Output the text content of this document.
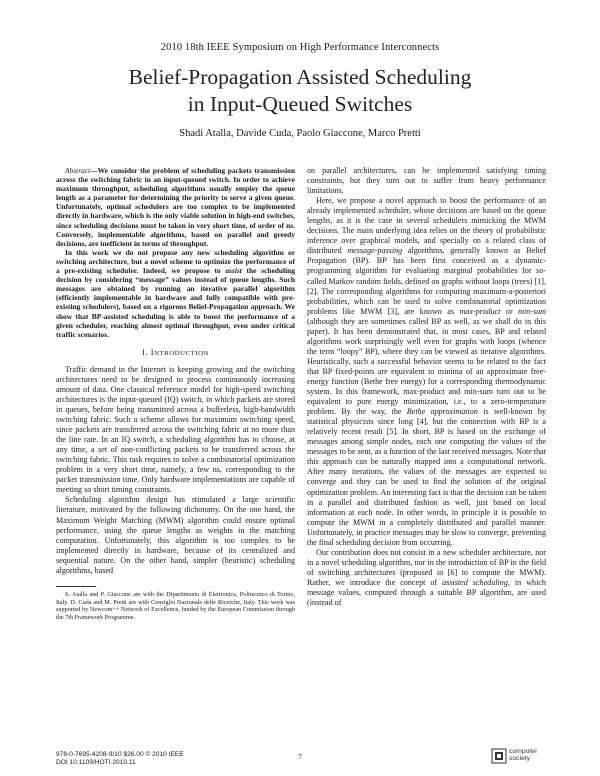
2010 18th IEEE Symposium on High Performance Interconnects
Belief-Propagation Assisted Scheduling
in Input-Queued Switches
Shadi Atalla, Davide Cuda, Paolo Giaccone, Marco Pretti

Abstract—We consider the problem of scheduling packets transmission across the switching fabric in an input-queued switch. In order to achieve maximum throughput, scheduling algorithms usually employ the queue length as a parameter for determining the priority to serve a given queue. Unfortunately, optimal schedulers are too complex to be implemented directly in hardware, which is the only viable solution in high-end switches, since scheduling decisions must be taken in very short time, of order of ns. Conversely, implementable algorithms, based on parallel and greedy decisions, are inefficient in terms of throughput.

In this work we do not propose any new scheduling algorithm or switching architecture, but a novel scheme to optimize the performance of a pre-existing scheduler. Indeed, we propose to assist the scheduling decision by considering “message” values instead of queue lengths. Such messages are obtained by running an iterative parallel algorithm (efficiently implementable in hardware and fully compatible with pre-existing schedulers), based on a rigorous Belief-Propagation approach. We show that BP-assisted scheduling is able to boost the performance of a given scheduler, reaching almost optimal throughput, even under critical traffic scenarios.

I. INTRODUCTION

Traffic demand in the Internet is keeping growing and the switching architectures need to be designed to process continuously increasing amount of data. One classical reference model for high-speed switching architectures is the input-queued (IQ) switch, in which packets are stored in queues, before being transmitted across a bufferless, high-bandwidth switching fabric. Such a scheme allows for maximum switching speed, since packets are transferred across the switching fabric at no more than the line rate. In an IQ switch, a scheduling algorithm has to choose, at any time, a set of non-conflicting packets to be transferred across the switching fabric. This task requires to solve a combinatorial optimization problem in a very short time, namely, a few ns, corresponding to the packet transmission time. Only hardware implementations are capable of meeting so short timing constraints.

Scheduling algorithm design has stimulated a large scientific literature, motivated by the following dichotomy. On the one hand, the Maximum Weight Matching (MWM) algorithm could ensure optimal performance, using the queue lengths as weights in the matching computation. Unfortunately, this algorithm is too complex to be implemented directly in hardware, because of its centralized and sequential nature. On the other hand, simpler (heuristic) scheduling algorithms, based

S. Atalla and P. Giaccone are with the Dipartimento di Elettronica, Politecnico di Torino, Italy. D. Cuda and M. Pretti are with Consiglio Nazionale delle Ricerche, Italy. This work was supported by Newcom++ Network of Excellence, funded by the European Commission through the 7th Framework Programme.

on parallel architectures, can be implemented satisfying timing constraints, but they turn out to suffer from heavy performance limitations.

Here, we propose a novel approach to boost the performance of an already implemented scheduler, whose decisions are based on the queue lengths, as it is the case in several schedulers mimicking the MWM decisions. The main underlying idea relies on the theory of probabilistic inference over graphical models, and specially on a related class of distributed message-passing algorithms, generally known as Belief Propagation (BP). BP has been first conceived as a dynamic-programming algorithm for evaluating marginal probabilities for so-called Markov random fields, defined on graphs without loops (trees) [1], [2]. The corresponding algorithms for computing maximum-a-posteriori probabilities, which can be used to solve combinatorial optimization problems like MWM [3], are known as max-product or min-sum (although they are sometimes called BP as well, as we shall do in this paper). It has been demonstrated that, in most cases, BP and related algorithms work surprisingly well even for graphs with loops (whence the term “loopy” BP), where they can be viewed as iterative algorithms. Heuristically, such a successful behavior seems to be related to the fact that BP fixed-points are equivalent to minima of an approximate free-energy function (Bethe free energy) for a corresponding thermodynamic system. In this framework, max-product and min-sum turn out to be equivalent to pure energy minimization, i.e., to a zero-temperature problem. By the way, the Bethe approximation is well-known by statistical physicists since long [4], but the connection with BP is a relatively recent result [5]. In short, BP is based on the exchange of messages among simple nodes, each one computing the values of the messages to be sent, as a function of the last received messages. Note that this approach can be naturally mapped into a computational network. After many iterations, the values of the messages are expected to converge and they can be used to find the solution of the original optimization problem. An interesting fact is that the decision can be taken in a parallel and distributed fashion as well, just based on local information at each node. In other words, in principle it is possible to compute the MWM in a completely distributed and parallel manner. Unfortunately, in practice messages may be slow to converge, preventing the final scheduling decision from occurring.

Our contribution does not consist in a new scheduler architecture, nor in a novel scheduling algorithm, nor in the introduction of BP in the field of switching architectures (proposed in [6] to compute the MWM). Rather, we introduce the concept of assisted scheduling, in which message values, computed through a suitable BP algorithm, are used (instead of

978-0-7695-4208-9/10 $26.00 © 2010 IEEE
DOI 10.1109/HOTI.2010.11
7
computer
society
